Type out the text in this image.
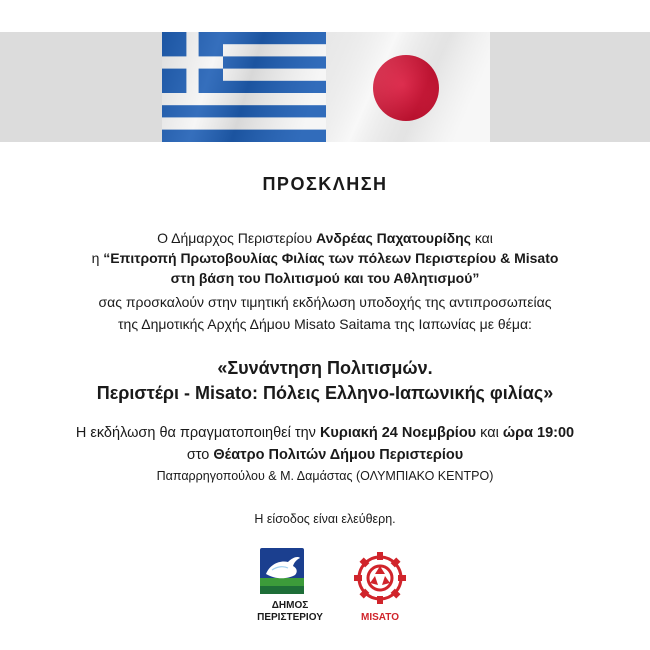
ΠΡΟΣΚΛΗΣΗ
Ο Δήμαρχος Περιστερίου Ανδρέας Παχατουρίδης και
η “Επιτροπή Πρωτοβουλίας Φιλίας των πόλεων Περιστερίου & Misato
στη βάση του Πολιτισμού και του Αθλητισμού”
σας προσκαλούν στην τιμητική εκδήλωση υποδοχής της αντιπροσωπείας
της Δημοτικής Αρχής Δήμου Misato Saitama της Ιαπωνίας με θέμα:
«Συνάντηση Πολιτισμών.
Περιστέρι - Misato: Πόλεις Ελληνο-Ιαπωνικής φιλίας»
Η εκδήλωση θα πραγματοποιηθεί την Κυριακή 24 Νοεμβρίου και ώρα 19:00
στο Θέατρο Πολιτών Δήμου Περιστερίου
Παπαρρηγοπούλου & Μ. Δαμάστας (ΟΛΥΜΠΙΑΚΟ ΚΕΝΤΡΟ)
Η είσοδος είναι ελεύθερη.
ΔΗΜΟΣ
ΠΕΡΙΣΤΕΡΙΟΥ	MISATO
